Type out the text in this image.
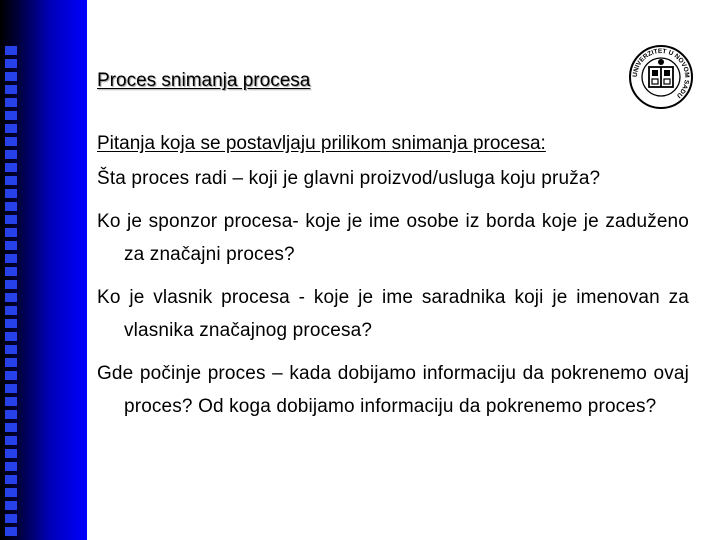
Proces snimanja procesa	UNIVERZITET U NOVOM SADU

Pitanja koja se postavljaju prilikom snimanja procesa:

Šta proces radi – koji je glavni proizvod/usluga koju pruža?
Ko je sponzor procesa- koje je ime osobe iz borda koje je zaduženo za značajni proces?
Ko je vlasnik procesa - koje je ime saradnika koji je imenovan za vlasnika značajnog procesa?
Gde počinje proces – kada dobijamo informaciju da pokrenemo ovaj proces? Od koga dobijamo informaciju da pokrenemo proces?
